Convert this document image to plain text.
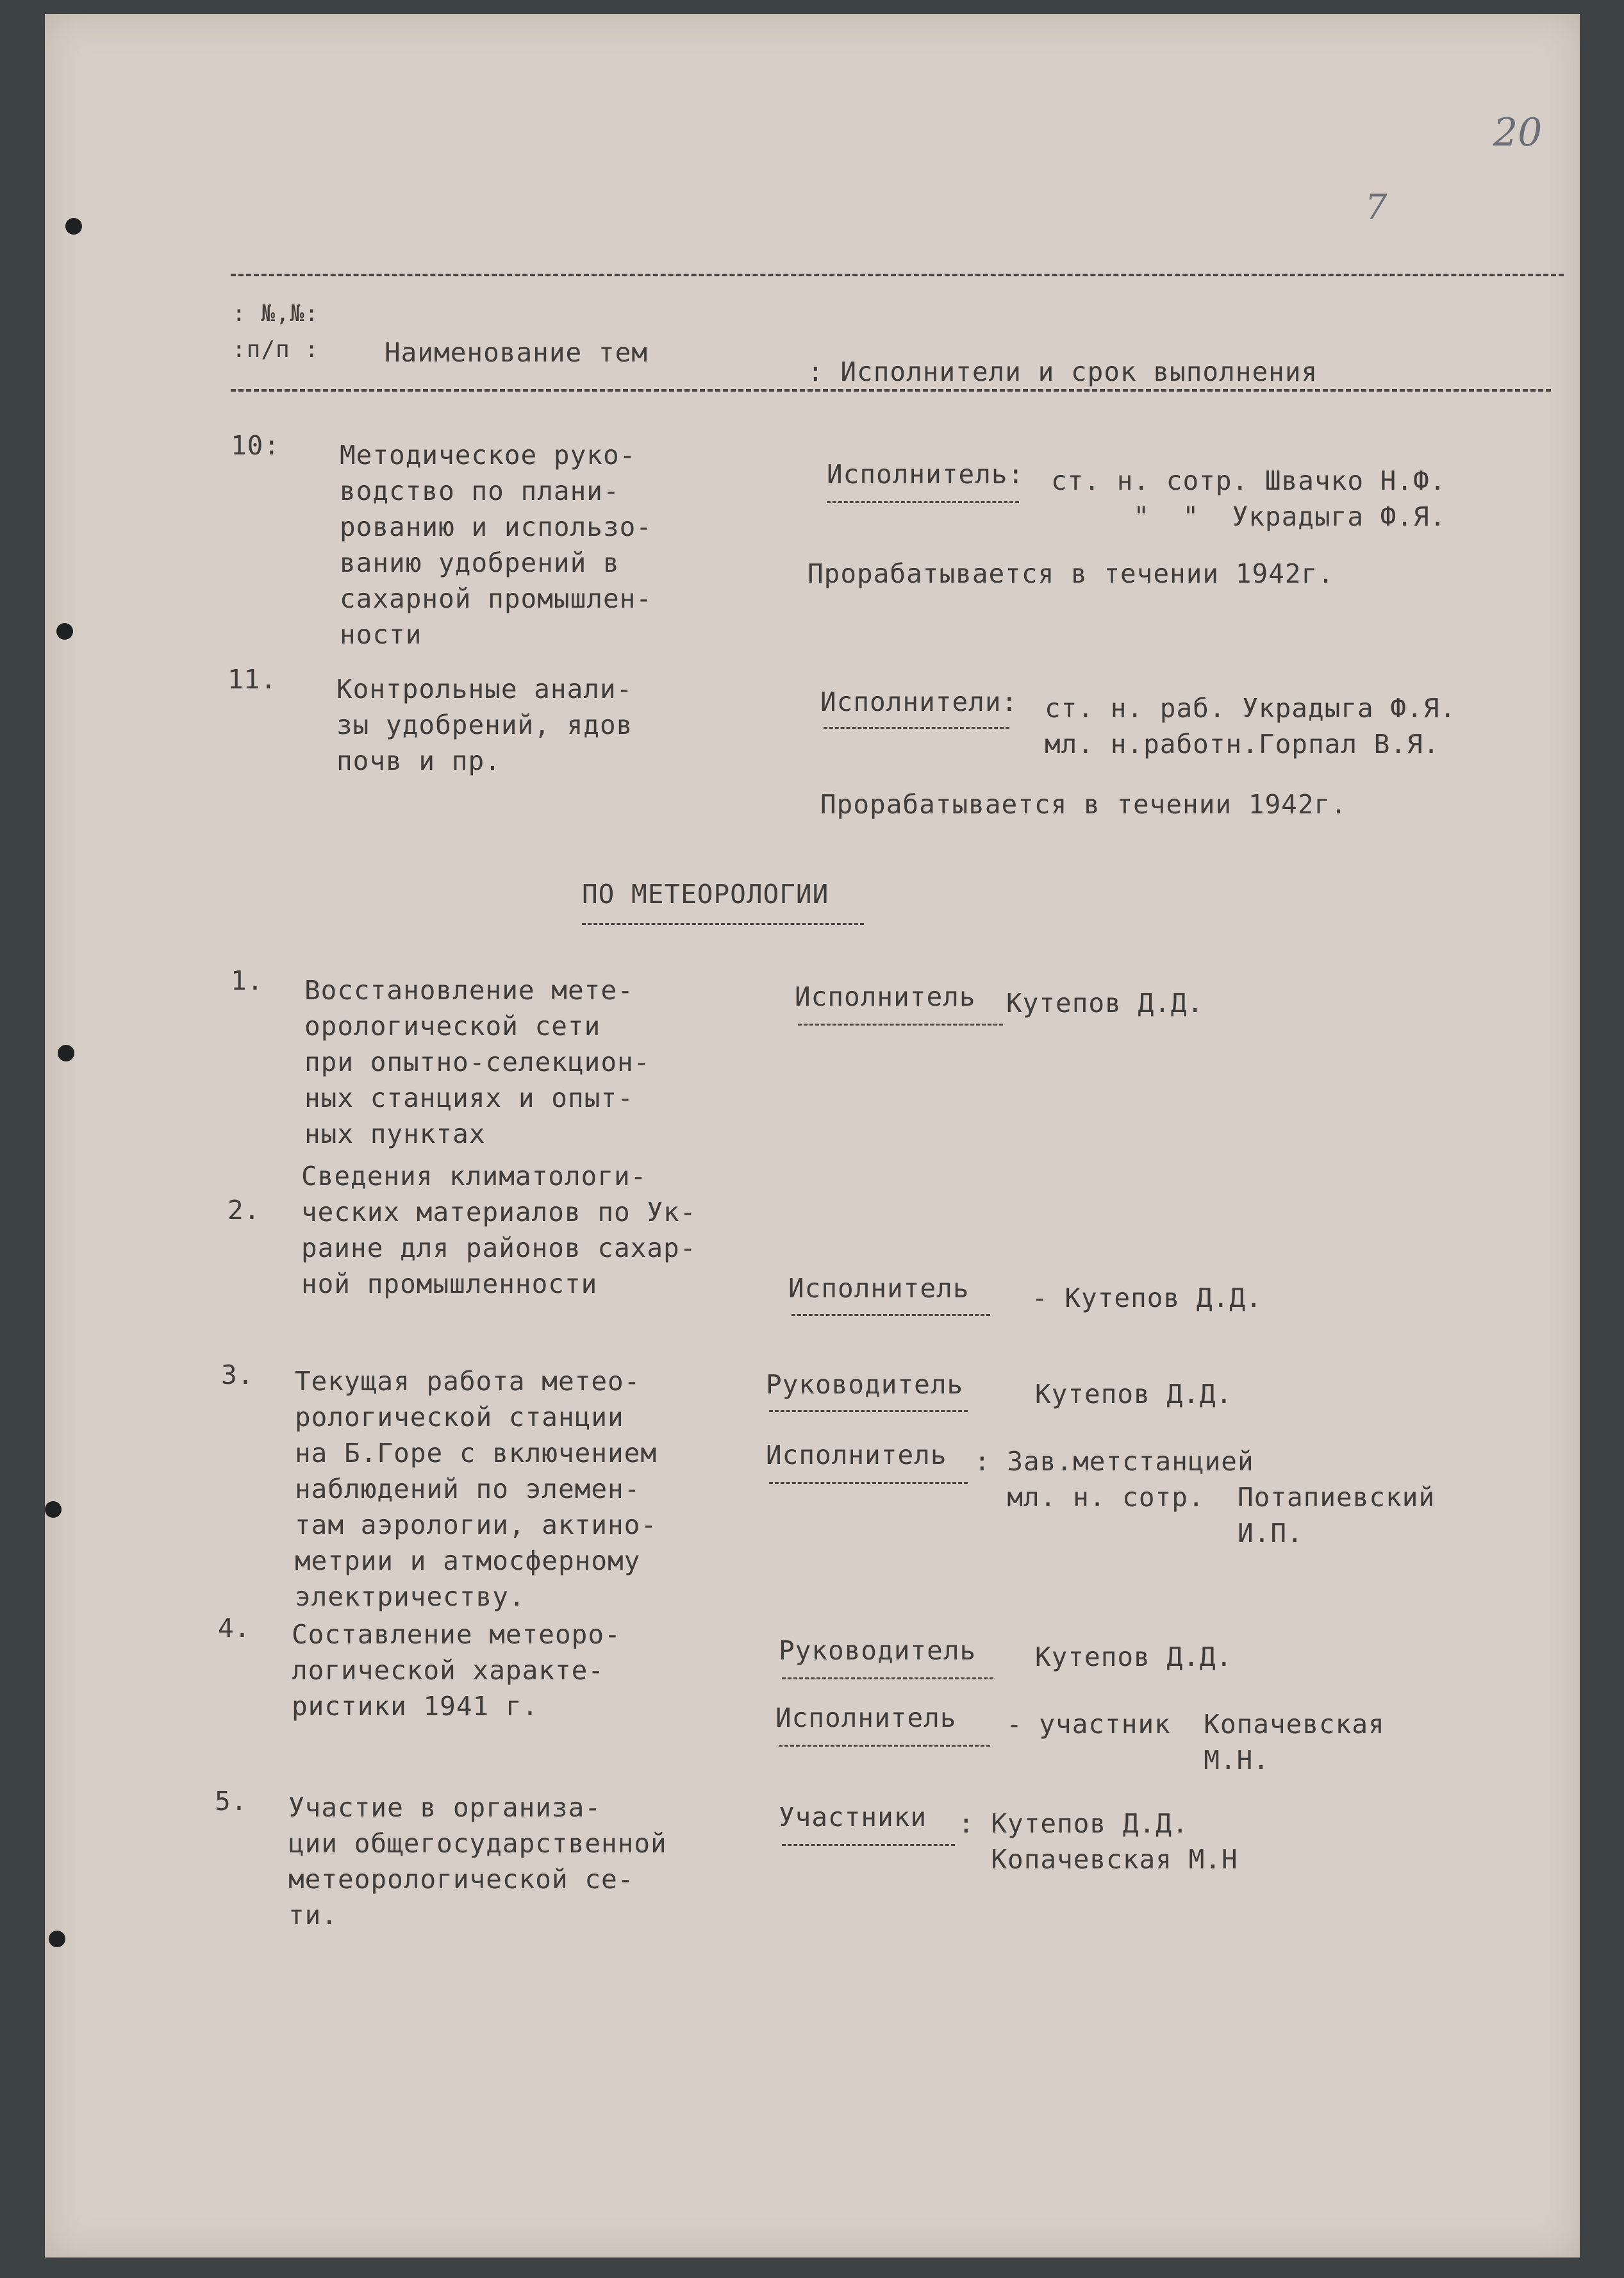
20
7
: №,№:
:п/п : Наименование тем
: Исполнители и срок выполнения
10: Методическое руко-
водство по плани-
рованию и использо-
ванию удобрений в
сахарной промышлен-
ности
Исполнитель: ст. н. сотр. Швачко Н.Ф.
"  "  Украдыга Ф.Я.
Прорабатывается в течении 1942г.
11. Контрольные анали-
зы удобрений, ядов
почв и пр.
Исполнители: ст. н. раб. Украдыга Ф.Я.
мл. н.работн.Горпал В.Я.
Прорабатывается в течении 1942г.
ПО МЕТЕОРОЛОГИИ
1. Восстановление мете-
орологической сети
при опытно-селекцион-
ных станциях и опыт-
ных пунктах
Исполнитель Кутепов Д.Д.
2.
Сведения климатологи-
ческих материалов по Ук-
раине для районов сахар-
ной промышленности	Исполнитель - Кутепов Д.Д.
3. Текущая работа метео-
рологической станции
на Б.Горе с включением
наблюдений по элемен-
там аэрологии, актино-
метрии и атмосферному
электричеству.
Руководитель	Кутепов Д.Д.
Исполнитель : Зав.метстанцией
мл. н. сотр.  Потапиевский
И.П.
4. Составление метеоро-
логической характе-
ристики 1941 г.
Руководитель Кутепов Д.Д.
Исполнитель - участник  Копачевская
М.Н.
5. Участие в организа-
ции общегосударственной
метеорологической се-
ти.
Участники : Кутепов Д.Д.
Копачевская М.Н
